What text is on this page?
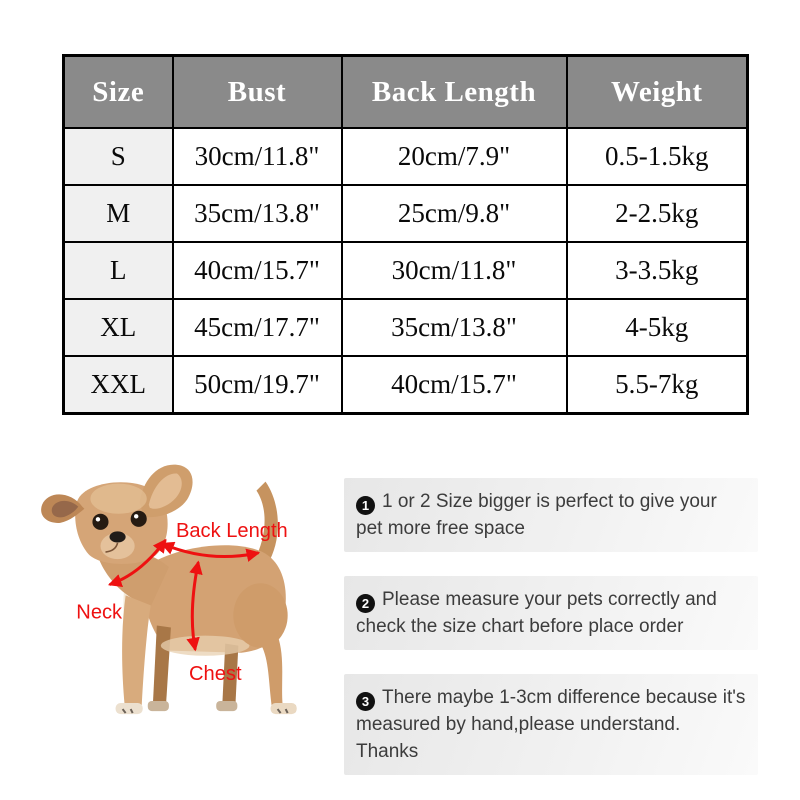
Size	Bust	Back Length	Weight
S	30cm/11.8"	20cm/7.9"	0.5-1.5kg
M	35cm/13.8"	25cm/9.8"	2-2.5kg
L	40cm/15.7"	30cm/11.8"	3-3.5kg
XL	45cm/17.7"	35cm/13.8"	4-5kg
XXL	50cm/19.7"	40cm/15.7"	5.5-7kg
Back Length
Neck
Chest
1 1 or 2 Size bigger is perfect to give your pet more free space
2 Please measure your pets correctly and check the size chart before place order
3 There maybe 1-3cm difference because it's measured by hand,please understand. Thanks
